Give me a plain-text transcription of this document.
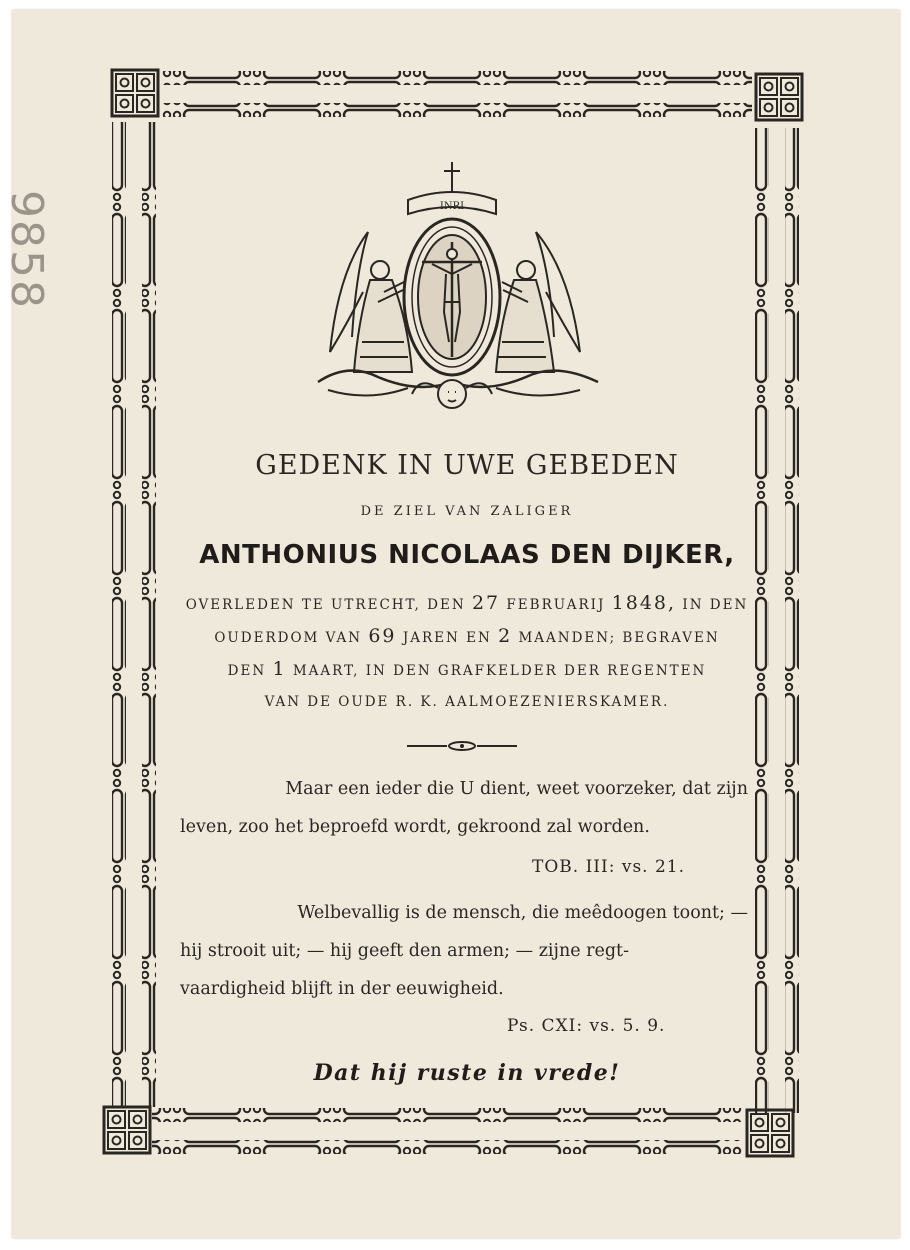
9858	INRI
GEDENK IN UWE GEBEDEN
DE ZIEL VAN ZALIGER
ANTHONIUS NICOLAAS DEN DIJKER,
OVERLEDEN TE UTRECHT, DEN 27 FEBRUARIJ 1848, IN DEN
OUDERDOM VAN 69 JAREN EN 2 MAANDEN; BEGRAVEN
DEN 1 MAART, IN DEN GRAFKELDER DER REGENTEN
VAN DE OUDE R. K. AALMOEZENIERSKAMER.
Maar een ieder die U dient, weet voorzeker, dat zijn
leven, zoo het beproefd wordt, gekroond zal worden.
TOB. III: vs. 21.
Welbevallig is de mensch, die meêdoogen toont; —
hij strooit uit; — hij geeft den armen; — zijne regt-
vaardigheid blijft in der eeuwigheid.
Ps. CXI: vs. 5. 9.
Dat hij ruste in vrede!
